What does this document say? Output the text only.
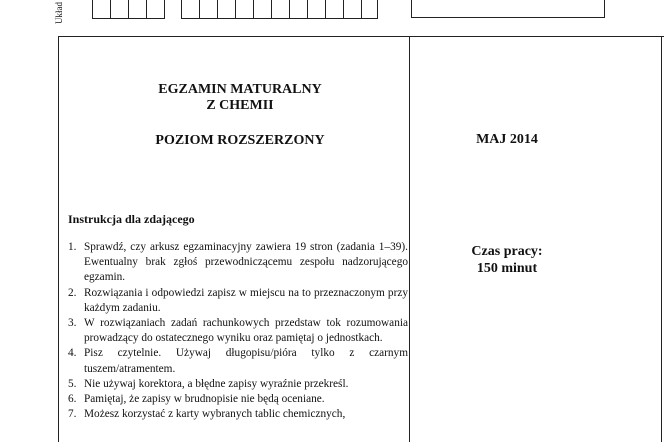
Układ
EGZAMIN MATURALNY
Z CHEMII
POZIOM ROZSZERZONY	MAJ 2014
Czas pracy:
150 minut
Instrukcja dla zdającego
1. Sprawdź, czy arkusz egzaminacyjny zawiera 19 stron (zadania 1–39). Ewentualny brak zgłoś przewodniczącemu zespołu nadzorującego egzamin.
2. Rozwiązania i odpowiedzi zapisz w miejscu na to przeznaczonym przy każdym zadaniu.
3. W rozwiązaniach zadań rachunkowych przedstaw tok rozumowania prowadzący do ostatecznego wyniku oraz pamiętaj o jednostkach.
4. Pisz czytelnie. Używaj długopisu/pióra tylko z czarnym tuszem/atramentem.
5. Nie używaj korektora, a błędne zapisy wyraźnie przekreśl.
6. Pamiętaj, że zapisy w brudnopisie nie będą oceniane.
7. Możesz korzystać z karty wybranych tablic chemicznych,
